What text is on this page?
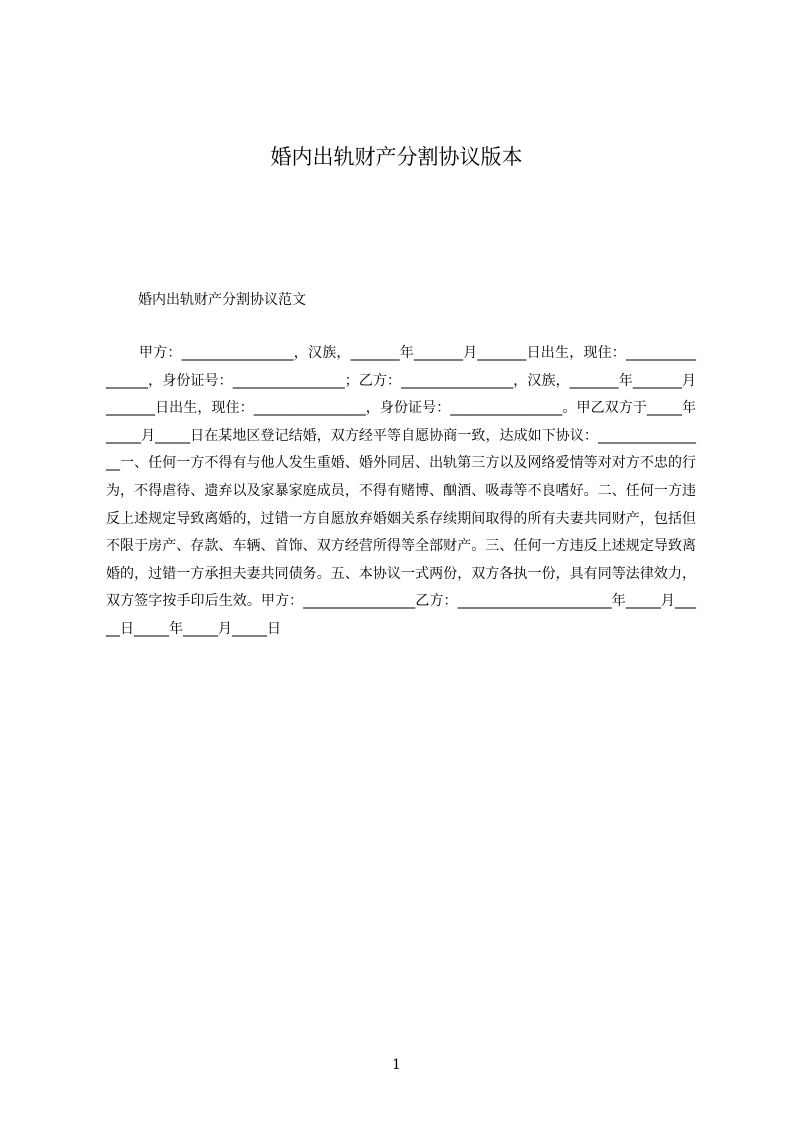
婚内出轨财产分割协议版本

婚内出轨财产分割协议范文

甲方：________________，汉族，_______年_______月_______日出生，现住：________________，身份证号：________________；乙方：________________，汉族，_______年_______月_______日出生，现住：________________，身份证号：________________。甲乙双方于_____年_____月_____日在某地区登记结婚，双方经平等自愿协商一致，达成如下协议：________________一、任何一方不得有与他人发生重婚、婚外同居、出轨第三方以及网络爱情等对对方不忠的行为，不得虐待、遗弃以及家暴家庭成员，不得有赌博、酗酒、吸毒等不良嗜好。二、任何一方违反上述规定导致离婚的，过错一方自愿放弃婚姻关系存续期间取得的所有夫妻共同财产，包括但不限于房产、存款、车辆、首饰、双方经营所得等全部财产。三、任何一方违反上述规定导致离婚的，过错一方承担夫妻共同债务。五、本协议一式两份，双方各执一份，具有同等法律效力，双方签字按手印后生效。甲方：________________乙方：______________________年_____月_____日_____年_____月_____日

1
